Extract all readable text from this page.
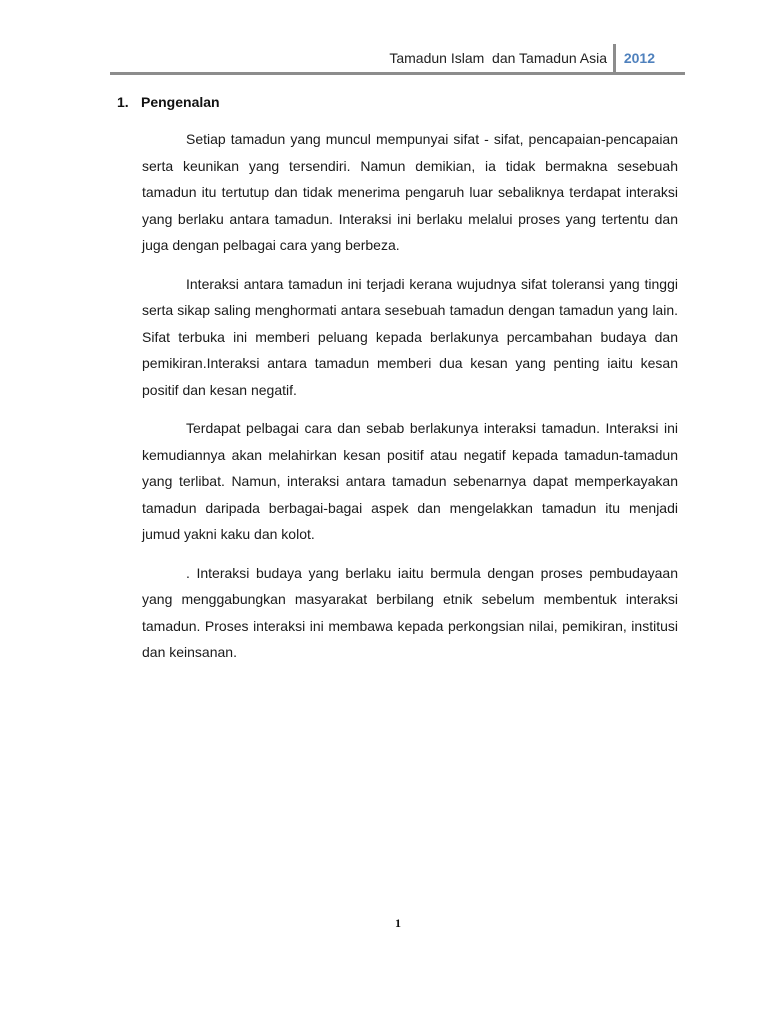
Tamadun Islam  dan Tamadun Asia 2012
1. Pengenalan

Setiap tamadun yang muncul mempunyai sifat - sifat, pencapaian-pencapaian serta keunikan yang tersendiri. Namun demikian, ia tidak bermakna sesebuah tamadun itu tertutup dan tidak menerima pengaruh luar sebaliknya terdapat interaksi yang berlaku antara tamadun. Interaksi ini berlaku melalui proses yang tertentu dan juga dengan pelbagai cara yang berbeza.

Interaksi antara tamadun ini terjadi kerana wujudnya sifat toleransi yang tinggi serta sikap saling menghormati antara sesebuah tamadun dengan tamadun yang lain. Sifat terbuka ini memberi peluang kepada berlakunya percambahan budaya dan pemikiran.Interaksi antara tamadun memberi dua kesan yang penting iaitu kesan positif dan kesan negatif.

Terdapat pelbagai cara dan sebab berlakunya interaksi tamadun. Interaksi ini kemudiannya akan melahirkan kesan positif atau negatif kepada tamadun-tamadun yang terlibat. Namun, interaksi antara tamadun sebenarnya dapat memperkayakan tamadun daripada berbagai-bagai aspek dan mengelakkan tamadun itu menjadi jumud yakni kaku dan kolot.

. Interaksi budaya yang berlaku iaitu bermula dengan proses pembudayaan yang menggabungkan masyarakat berbilang etnik sebelum membentuk interaksi tamadun. Proses interaksi ini membawa kepada perkongsian nilai, pemikiran, institusi dan keinsanan.

1
